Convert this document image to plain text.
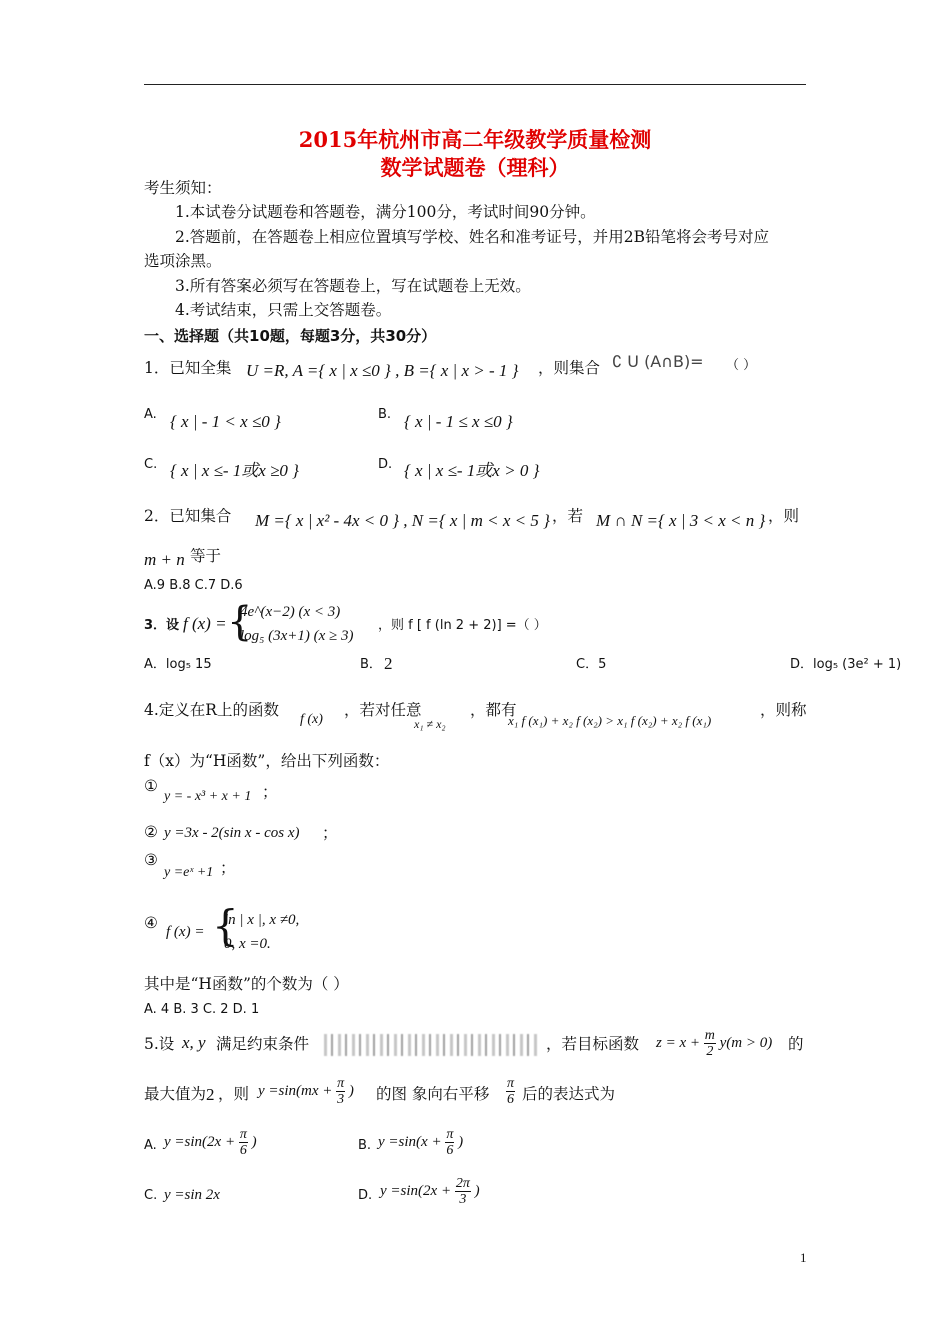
2015年杭州市高二年级教学质量检测
数学试题卷（理科）
考生须知：
1.本试卷分试题卷和答题卷，满分100分，考试时间90分钟。
2.答题前，在答题卷上相应位置填写学校、姓名和准考证号，并用2B铅笔将会考号对应
选项涂黑。
3.所有答案必须写在答题卷上，写在试题卷上无效。
4.考试结束，只需上交答题卷。
一、选择题（共10题，每题3分，共30分）
1．已知全集 U =R, A ={ x | x ≤0 } , B ={ x | x > - 1 } ，则集合 ∁ U (A∩B)= （ ）
A. { x | - 1 < x ≤0 }	B. { x | - 1 ≤ x ≤0 }
C. { x | x ≤- 1或x ≥0 }	D. { x | x ≤- 1或x > 0 }
2．已知集合 M ={ x | x² - 4x < 0 } , N ={ x | m < x < 5 } ，若 M ∩ N ={ x | 3 < x < n } ，则
m + n 等于
A.9 B.8 C.7 D.6
3．设 f (x) = {
4e^(x−2) (x < 3)
log₅ (3x+1) (x ≥ 3)
，则 f [ f (ln 2 + 2)] =（ ）
A．log₅ 15	B． 2	C．5	D．log₅ (3e² + 1)
4.定义在R上的函数
f (x)
，若对任意
x₁ ≠ x₂
，都有
x₁ f (x₁) + x₂ f (x₂) > x₁ f (x₂) + x₂ f (x₁)
，则称
f（x）为“H函数”，给出下列函数：
①
y = - x³ + x + 1 ；
② y =3x - 2(sin x - cos x) ；
③
y =eˣ +1 ；
④ f (x) = {
ln | x |, x ≠0,
0, x =0.
其中是“H函数”的个数为（ ）
A. 4 B. 3 C. 2 D. 1
5.设 x, y 满足约束条件	，若目标函数 $z = x + \frac{m}{2} y(m > 0)$ 的
最大值为 2 ，则 $y =\sin(mx + \frac{\pi}{3}$ ) 的图 象向右平移 $\frac{\pi}{6}$ 后的表达式为
A. $y =\sin(2x + \frac{\pi}{6}$ )	B. $y =\sin(x + \frac{\pi}{6}$ )
C. y =sin 2x	D. $y =\sin(2x + \frac{2\pi}{3}$ )
1
